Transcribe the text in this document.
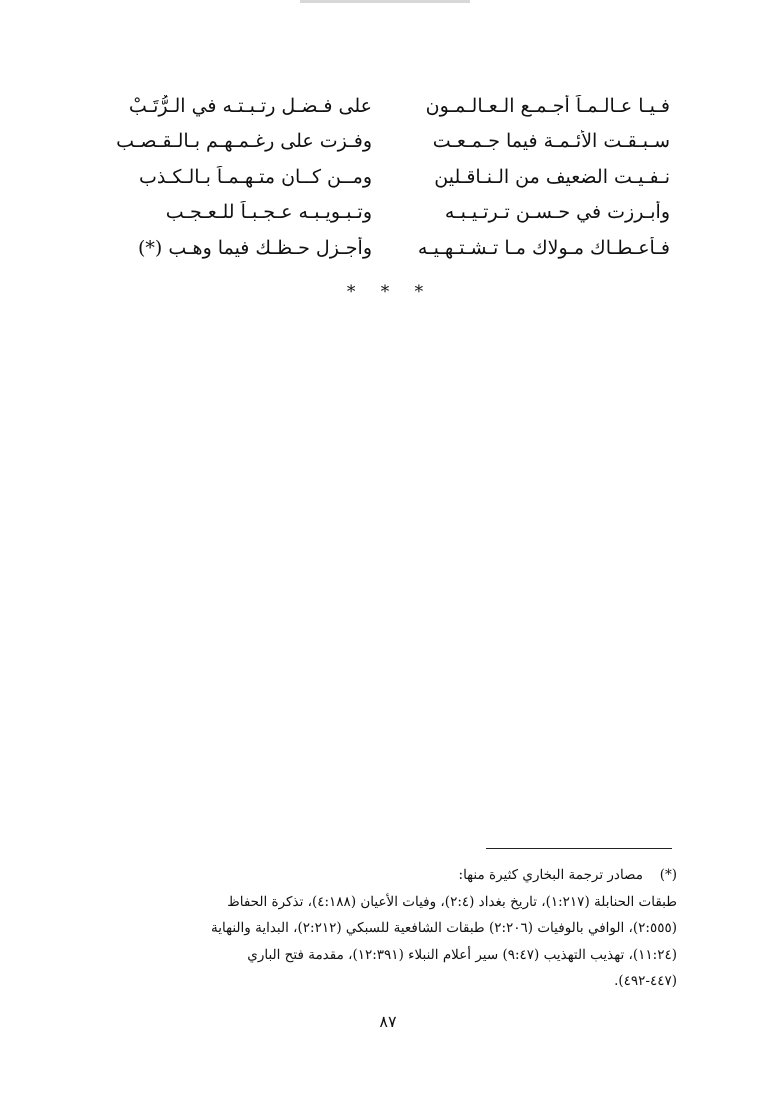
فـيـا عـالـمـاً أجـمـع الـعـالـمـون
على فـضـل رتـبـتـه في الـرُّتَـبْ
سـبـقـت الأئـمـة فيما جـمـعـت
وفـزت على رغـمـهـم بـالـقـصـب
نـفـيـت الضعيف من الـنـاقـلين
ومــن كــان متـهـمـاً بـالـكـذب
وأبـرزت في حـسـن تـرتـيـبـه
وتـبـويـبـه عـجـبـاً للـعـجـب
فـأعـطـاك مـولاك مـا تـشـتـهـيـه
وأجـزل حـظـك فيما وهـب (*)
* * *
(*)مصادر ترجمة البخاري كثيرة منها:
طبقات الحنابلة (١:٢١٧)، تاريخ بغداد (٢:٤)، وفيات الأعيان (٤:١٨٨)، تذكرة الحفاظ
(٢:٥٥٥)، الوافي بالوفيات (٢:٢٠٦) طبقات الشافعية للسبكي (٢:٢١٢)، البداية والنهاية
(١١:٢٤)، تهذيب التهذيب (٩:٤٧) سير أعلام النبلاء (١٢:٣٩١)، مقدمة فتح الباري
(٤٤٧-٤٩٢).
٨٧
